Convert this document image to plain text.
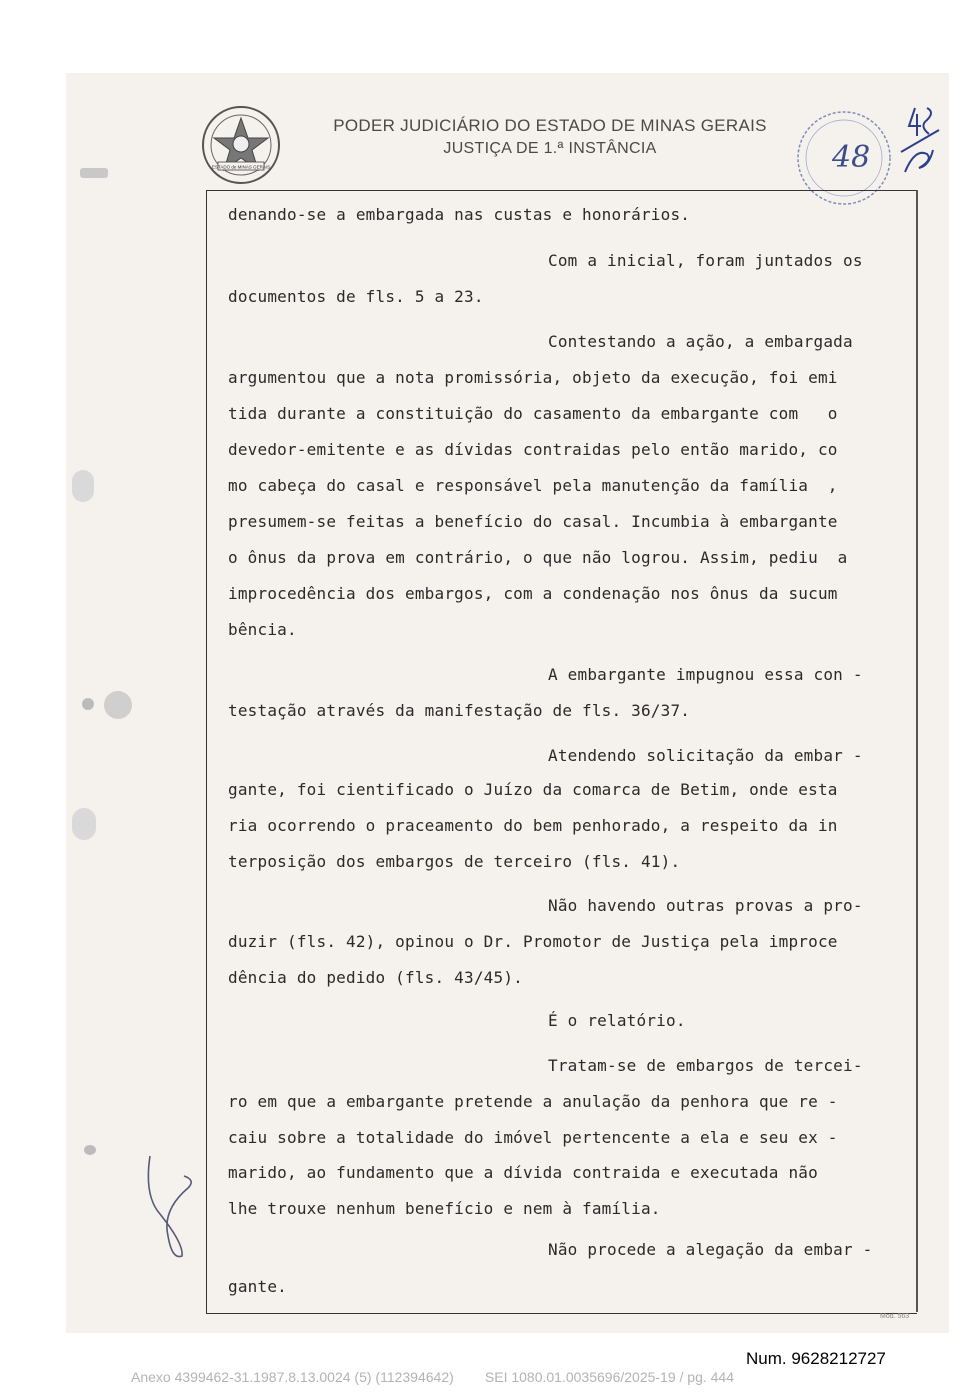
ESTADO de MINAS GERAIS
PODER JUDICIÁRIO DO ESTADO DE MINAS GERAIS
JUSTIÇA DE 1.ª INSTÂNCIA	48
denando-se a embargada nas custas e honorários.
Com a inicial, foram juntados os
documentos de fls. 5 a 23.
Contestando a ação, a embargada
argumentou que a nota promissória, objeto da execução, foi emi
tida durante a constituição do casamento da embargante com   o
devedor-emitente e as dívidas contraidas pelo então marido, co
mo cabeça do casal e responsável pela manutenção da família  ,
presumem-se feitas a benefício do casal. Incumbia à embargante
o ônus da prova em contrário, o que não logrou. Assim, pediu  a
improcedência dos embargos, com a condenação nos ônus da sucum
bência.
A embargante impugnou essa con -
testação através da manifestação de fls. 36/37.
Atendendo solicitação da embar -
gante, foi cientificado o Juízo da comarca de Betim, onde esta
ria ocorrendo o praceamento do bem penhorado, a respeito da in
terposição dos embargos de terceiro (fls. 41).
Não havendo outras provas a pro-
duzir (fls. 42), opinou o Dr. Promotor de Justiça pela improce
dência do pedido (fls. 43/45).
É o relatório.
Tratam-se de embargos de tercei-
ro em que a embargante pretende a anulação da penhora que re -
caiu sobre a totalidade do imóvel pertencente a ela e seu ex -
marido, ao fundamento que a dívida contraida e executada não
lhe trouxe nenhum benefício e nem à família.
Não procede a alegação da embar -
gante.
Mod. 563
Num. 9628212727
Anexo 4399462-31.1987.8.13.0024 (5) (112394642)        SEI 1080.01.0035696/2025-19 / pg. 444
